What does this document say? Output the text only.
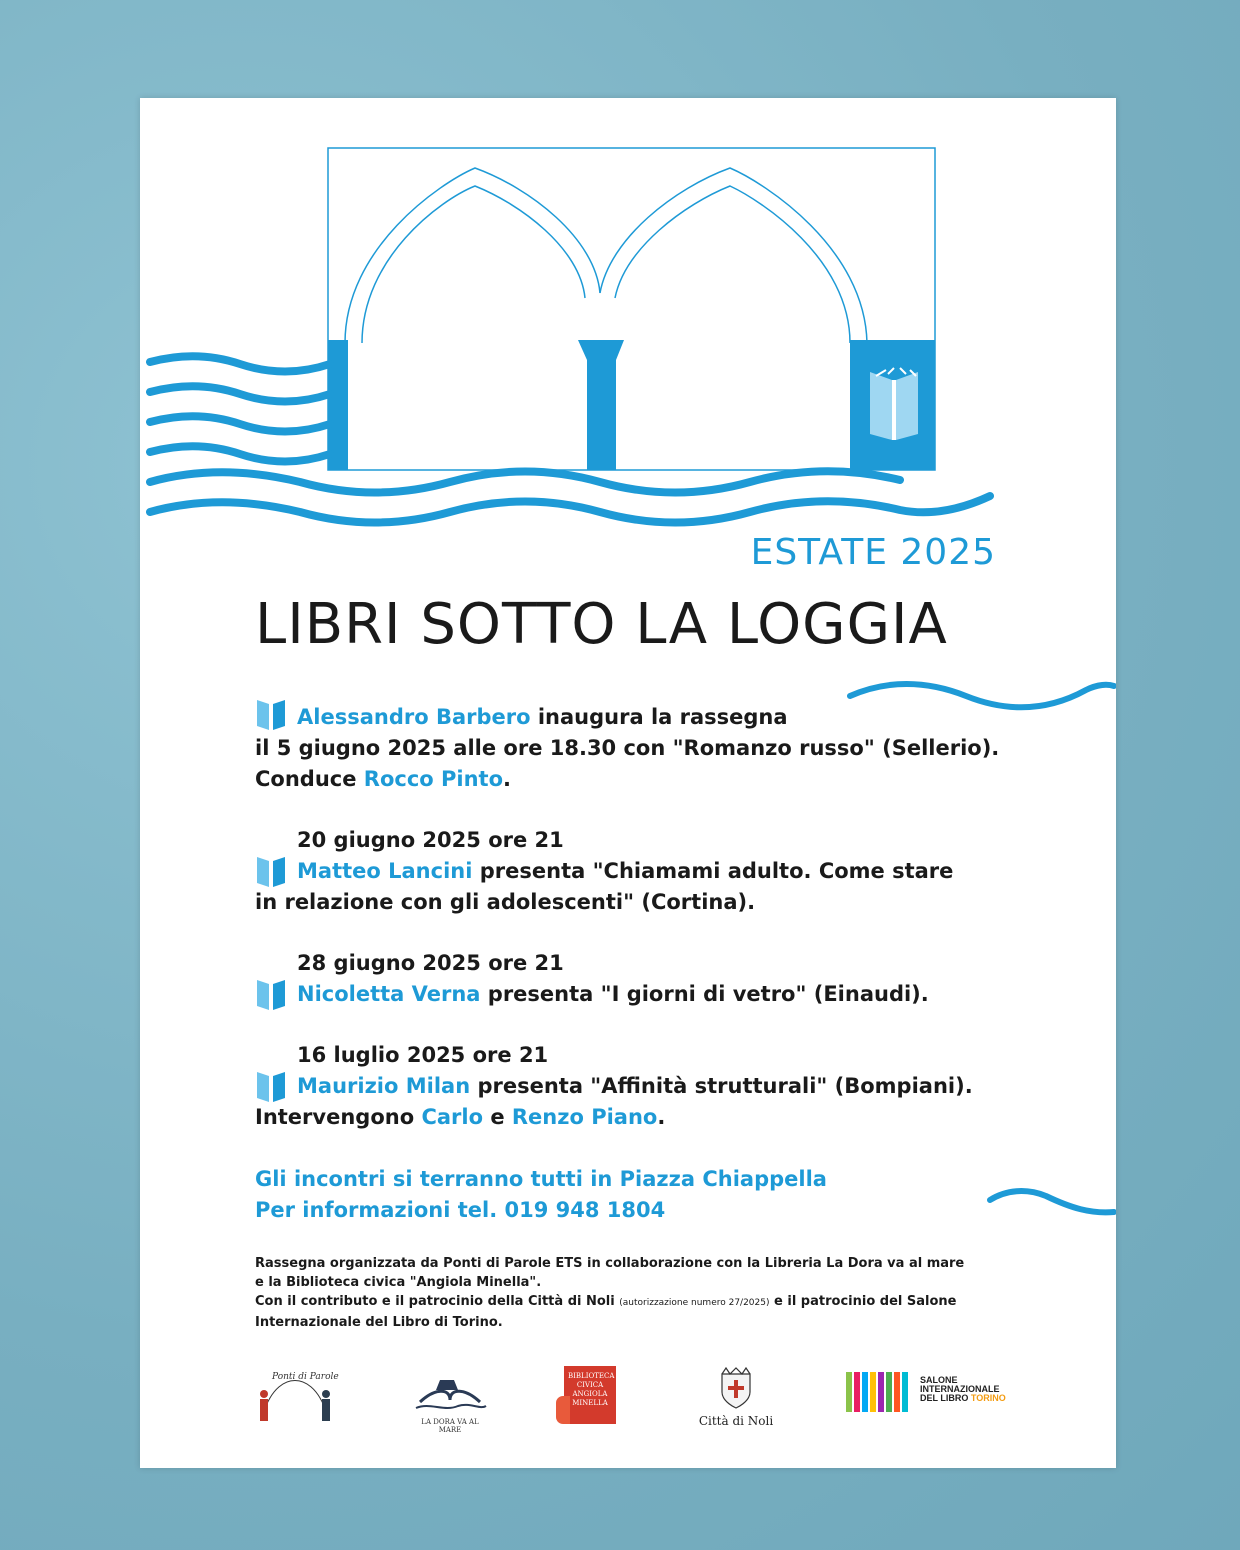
ESTATE 2025
LIBRI SOTTO LA LOGGIA
Alessandro Barbero inaugura la rassegna
il 5 giugno 2025 alle ore 18.30 con "Romanzo russo" (Sellerio).
Conduce Rocco Pinto.
20 giugno 2025 ore 21
Matteo Lancini presenta "Chiamami adulto. Come stare
in relazione con gli adolescenti" (Cortina).
28 giugno 2025 ore 21
Nicoletta Verna presenta "I giorni di vetro" (Einaudi).
16 luglio 2025 ore 21
Maurizio Milan presenta "Affinità strutturali" (Bompiani).
Intervengono Carlo e Renzo Piano.
Gli incontri si terranno tutti in Piazza Chiappella
Per informazioni tel. 019 948 1804
Rassegna organizzata da Ponti di Parole ETS in collaborazione con la Libreria La Dora va al mare
e la Biblioteca civica "Angiola Minella".
Con il contributo e il patrocinio della Città di Noli (autorizzazione numero 27/2025) e il patrocinio del Salone
Internazionale del Libro di Torino.
Ponti di Parole
LA DORA VA AL MARE
BIBLIOTECA CIVICA ANGIOLA MINELLA
Città di Noli
SALONE
INTERNAZIONALE
DEL LIBRO TORINO
